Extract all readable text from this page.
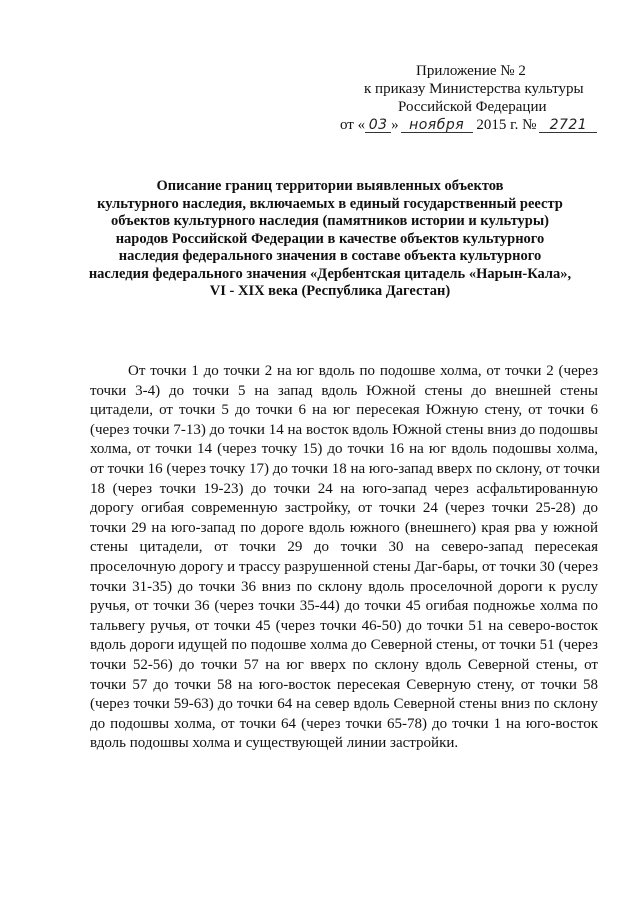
Приложение № 2
к приказу Министерства культуры
Российской Федерации
от « 03 » ноября 2015 г. № 2721
Описание границ территории выявленных объектов
культурного наследия, включаемых в единый государственный реестр
объектов культурного наследия (памятников истории и культуры)
народов Российской Федерации в качестве объектов культурного
наследия федерального значения в составе объекта культурного
наследия федерального значения «Дербентская цитадель «Нарын-Кала»,
VI - XIX века (Республика Дагестан)
От точки 1 до точки 2 на юг вдоль по подошве холма, от точки 2 (через
точки 3-4) до точки 5 на запад вдоль Южной стены до внешней стены
цитадели, от точки 5 до точки 6 на юг пересекая Южную стену, от точки 6
(через точки 7-13) до точки 14 на восток вдоль Южной стены вниз до подошвы
холма, от точки 14 (через точку 15) до точки 16 на юг вдоль подошвы холма,
от точки 16 (через точку 17) до точки 18 на юго-запад вверх по склону, от точки
18 (через точки 19-23) до точки 24 на юго-запад через асфальтированную
дорогу огибая современную застройку, от точки 24 (через точки 25-28) до
точки 29 на юго-запад по дороге вдоль южного (внешнего) края рва у южной
стены цитадели, от точки 29 до точки 30 на северо-запад пересекая
проселочную дорогу и трассу разрушенной стены Даг-бары, от точки 30 (через
точки 31-35) до точки 36 вниз по склону вдоль проселочной дороги к руслу
ручья, от точки 36 (через точки 35-44) до точки 45 огибая подножье холма по
тальвегу ручья, от точки 45 (через точки 46-50) до точки 51 на северо-восток
вдоль дороги идущей по подошве холма до Северной стены, от точки 51 (через
точки 52-56) до точки 57 на юг вверх по склону вдоль Северной стены, от
точки 57 до точки 58 на юго-восток пересекая Северную стену, от точки 58
(через точки 59-63) до точки 64 на север вдоль Северной стены вниз по склону
до подошвы холма, от точки 64 (через точки 65-78) до точки 1 на юго-восток
вдоль подошвы холма и существующей линии застройки.
